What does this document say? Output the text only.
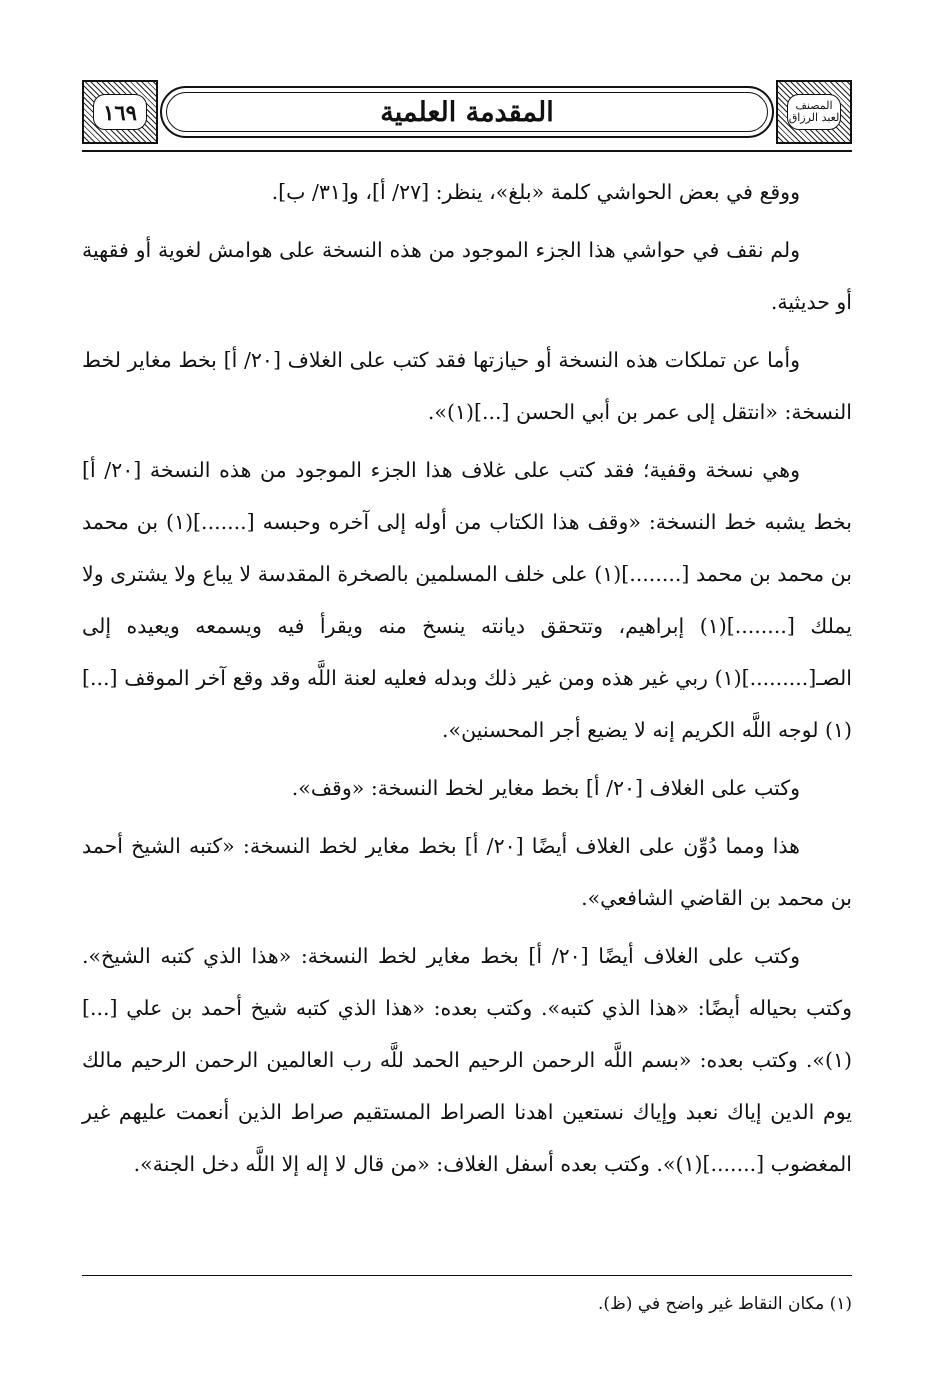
١٦٩	المقدمة العلمية	المصنف
لعبد الرزاق

ووقع في بعض الحواشي كلمة «بلغ»، ينظر: [٢٧/ أ]، و[٣١/ ب].

ولم نقف في حواشي هذا الجزء الموجود من هذه النسخة على هوامش لغوية أو فقهية أو حديثية.

وأما عن تملكات هذه النسخة أو حيازتها فقد كتب على الغلاف [٢٠/ أ] بخط مغاير لخط النسخة: «انتقل إلى عمر بن أبي الحسن [...](١)».

وهي نسخة وقفية؛ فقد كتب على غلاف هذا الجزء الموجود من هذه النسخة [٢٠/ أ] بخط يشبه خط النسخة: «وقف هذا الكتاب من أوله إلى آخره وحبسه [.......](١) بن محمد بن محمد بن محمد [........](١) على خلف المسلمين بالصخرة المقدسة لا يباع ولا يشترى ولا يملك [........](١) إبراهيم، وتتحقق ديانته ينسخ منه ويقرأ فيه ويسمعه ويعيده إلى الصـ[.........](١) ربي غير هذه ومن غير ذلك وبدله فعليه لعنة اللَّه وقد وقع آخر الموقف [...](١) لوجه اللَّه الكريم إنه لا يضيع أجر المحسنين».

وكتب على الغلاف [٢٠/ أ] بخط مغاير لخط النسخة: «وقف».

هذا ومما دُوِّن على الغلاف أيضًا [٢٠/ أ] بخط مغاير لخط النسخة: «كتبه الشيخ أحمد بن محمد بن القاضي الشافعي».

وكتب على الغلاف أيضًا [٢٠/ أ] بخط مغاير لخط النسخة: «هذا الذي كتبه الشيخ». وكتب بحياله أيضًا: «هذا الذي كتبه». وكتب بعده: «هذا الذي كتبه شيخ أحمد بن علي [...](١)». وكتب بعده: «بسم اللَّه الرحمن الرحيم الحمد للَّه رب العالمين الرحمن الرحيم مالك يوم الدين إياك نعبد وإياك نستعين اهدنا الصراط المستقيم صراط الذين أنعمت عليهم غير المغضوب [.......](١)». وكتب بعده أسفل الغلاف: «من قال لا إله إلا اللَّه دخل الجنة».

(١) مكان النقاط غير واضح في (ظ).
